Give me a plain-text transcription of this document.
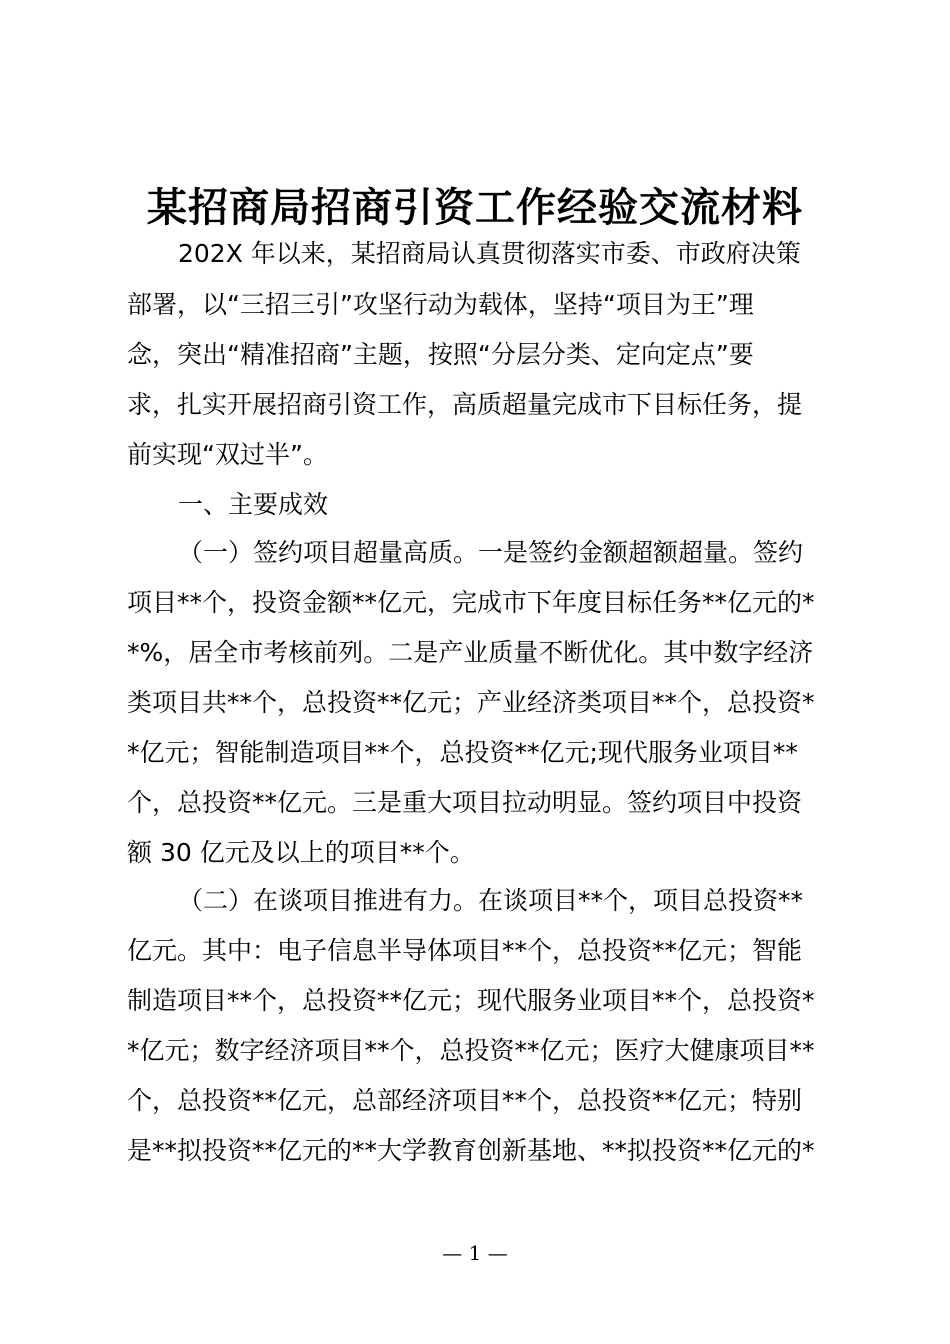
某招商局招商引资工作经验交流材料
202X 年以来，某招商局认真贯彻落实市委、市政府决策
部署，以“三招三引”攻坚行动为载体，坚持“项目为王”理
念，突出“精准招商”主题，按照“分层分类、定向定点”要
求，扎实开展招商引资工作，高质超量完成市下目标任务，提
前实现“双过半”。
一、主要成效
（一）签约项目超量高质。一是签约金额超额超量。签约
项目**个，投资金额**亿元，完成市下年度目标任务**亿元的*
*%，居全市考核前列。二是产业质量不断优化。其中数字经济
类项目共**个，总投资**亿元；产业经济类项目**个，总投资*
*亿元；智能制造项目**个，总投资**亿元;现代服务业项目**
个，总投资**亿元。三是重大项目拉动明显。签约项目中投资
额 30 亿元及以上的项目**个。
（二）在谈项目推进有力。在谈项目**个，项目总投资**
亿元。其中：电子信息半导体项目**个，总投资**亿元；智能
制造项目**个，总投资**亿元；现代服务业项目**个，总投资*
*亿元；数字经济项目**个，总投资**亿元；医疗大健康项目**
个，总投资**亿元，总部经济项目**个，总投资**亿元；特别
是**拟投资**亿元的**大学教育创新基地、**拟投资**亿元的*
— 1 —
